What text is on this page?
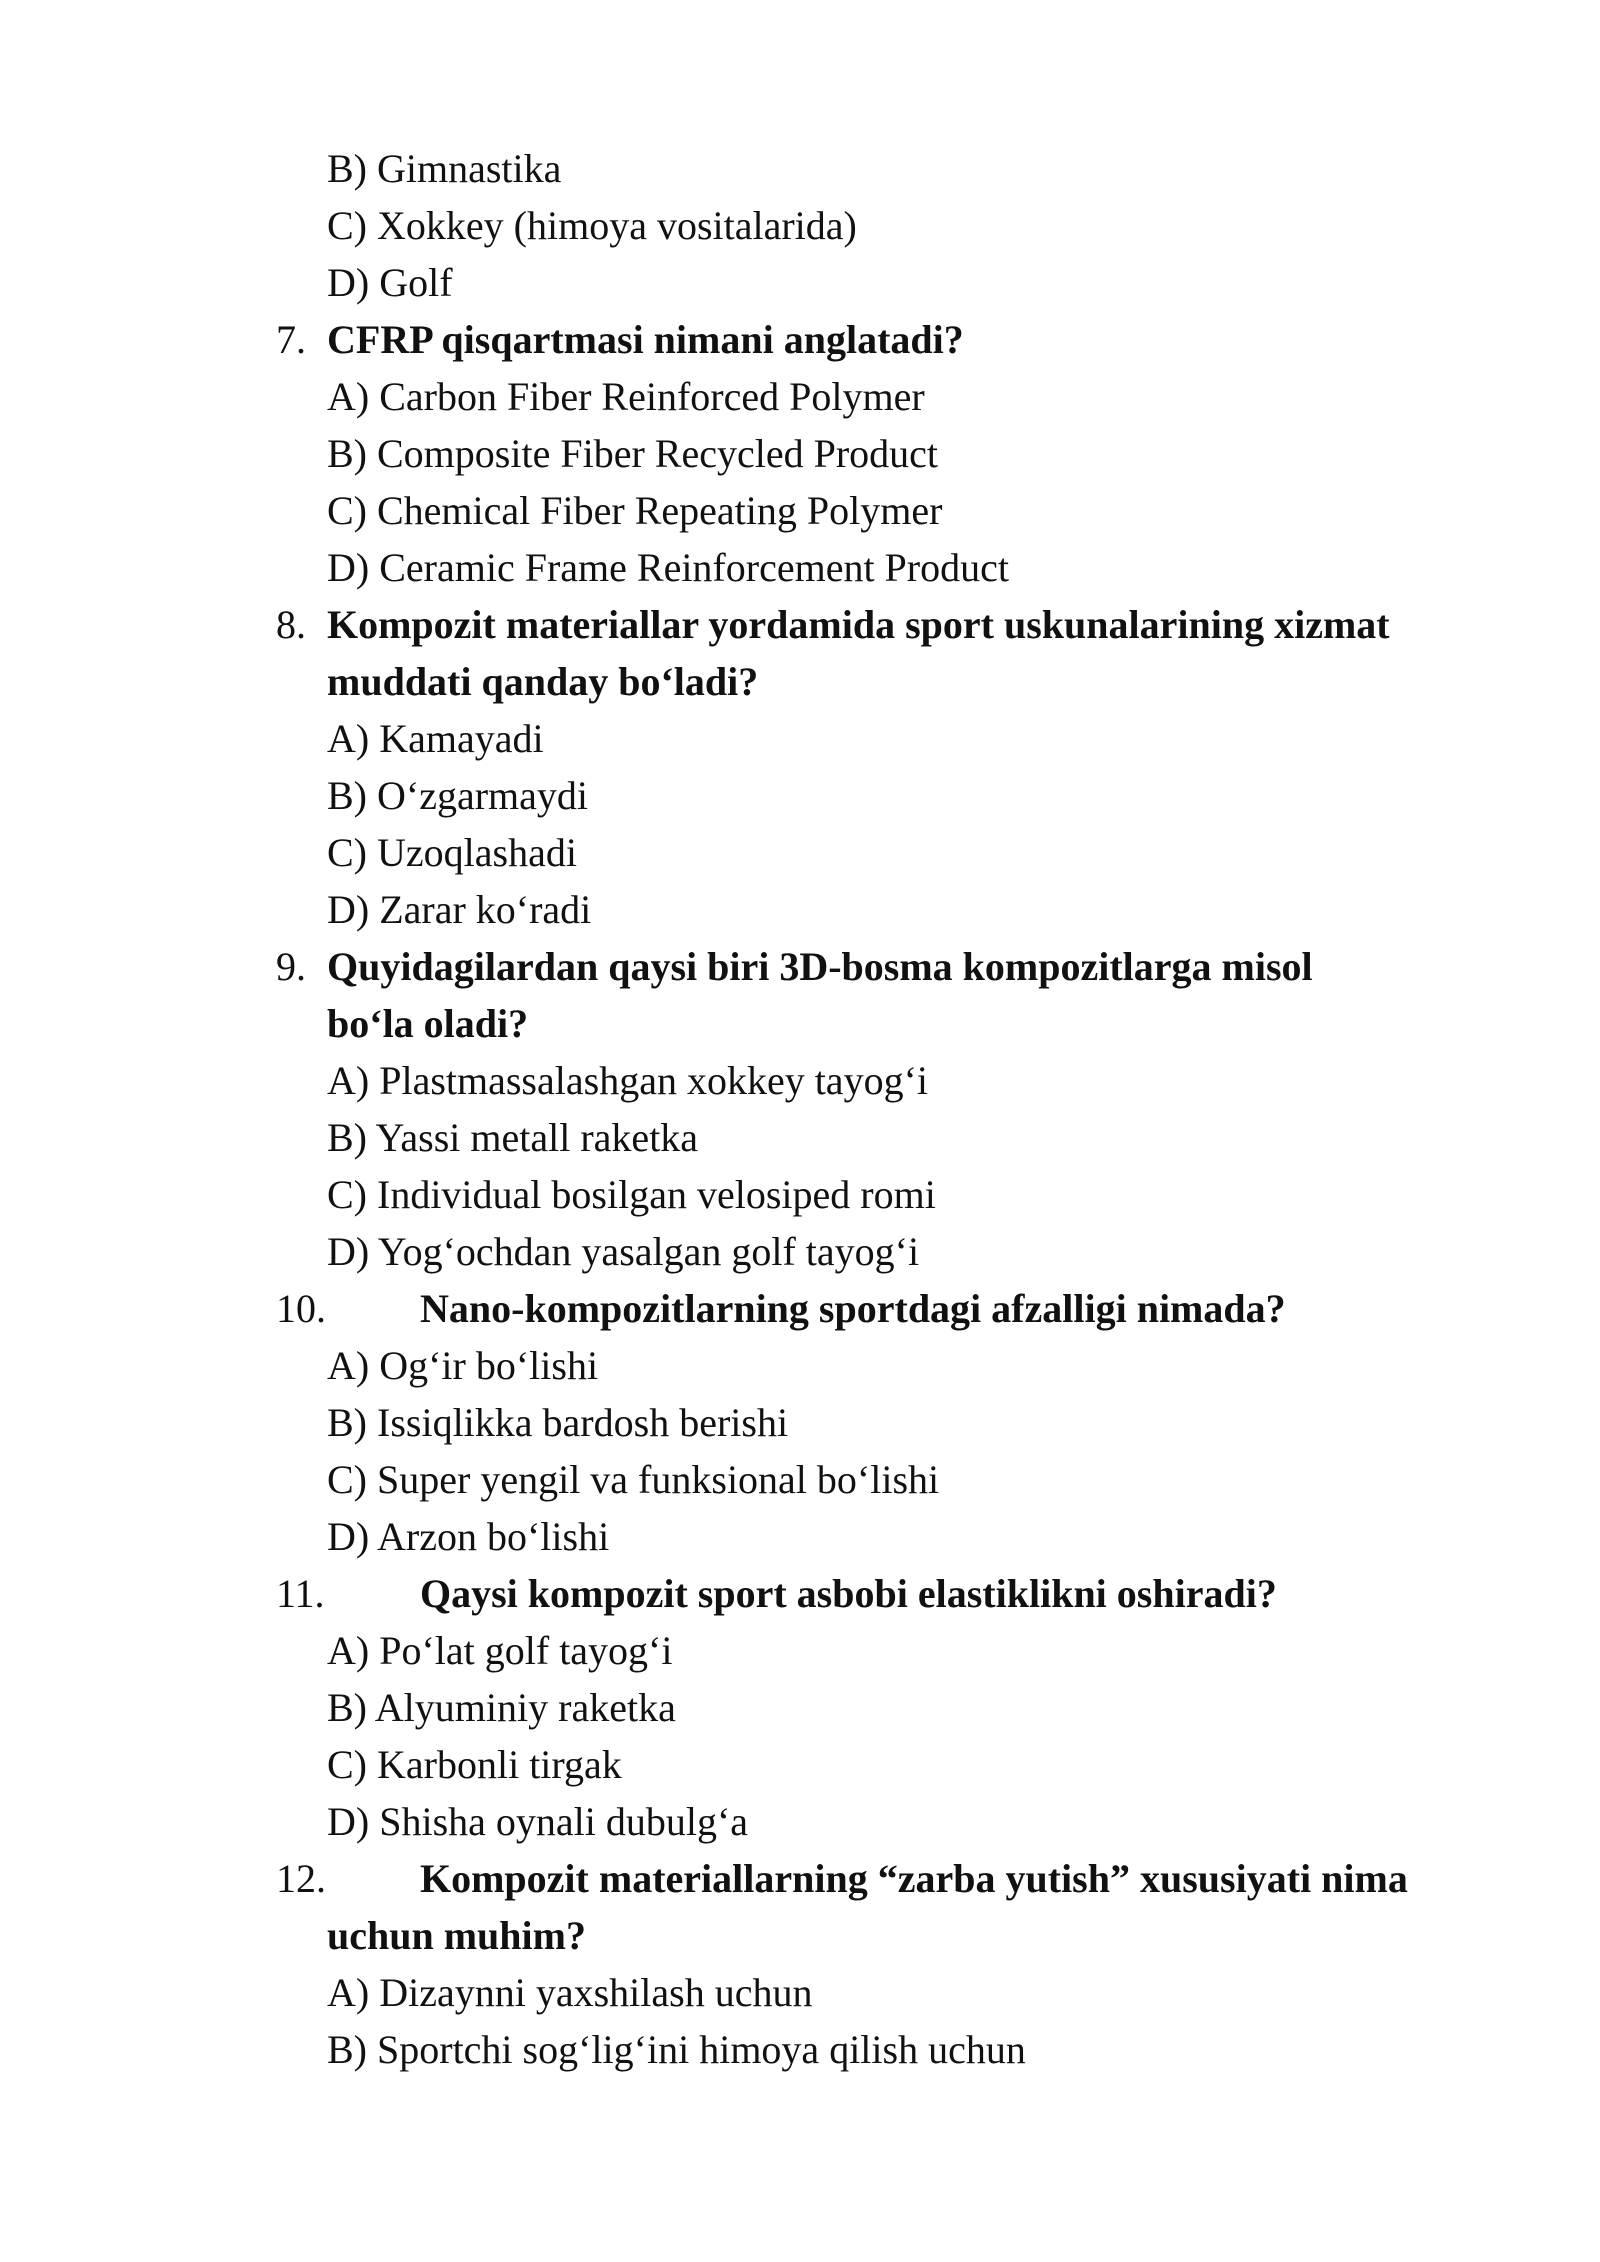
B) Gimnastika
C) Xokkey (himoya vositalarida)
D) Golf
7. CFRP qisqartmasi nimani anglatadi?
A) Carbon Fiber Reinforced Polymer
B) Composite Fiber Recycled Product
C) Chemical Fiber Repeating Polymer
D) Ceramic Frame Reinforcement Product
8. Kompozit materiallar yordamida sport uskunalarining xizmat
muddati qanday bo‘ladi?
A) Kamayadi
B) O‘zgarmaydi
C) Uzoqlashadi
D) Zarar ko‘radi
9. Quyidagilardan qaysi biri 3D-bosma kompozitlarga misol
bo‘la oladi?
A) Plastmassalashgan xokkey tayog‘i
B) Yassi metall raketka
C) Individual bosilgan velosiped romi
D) Yog‘ochdan yasalgan golf tayog‘i
10. Nano-kompozitlarning sportdagi afzalligi nimada?
A) Og‘ir bo‘lishi
B) Issiqlikka bardosh berishi
C) Super yengil va funksional bo‘lishi
D) Arzon bo‘lishi
11. Qaysi kompozit sport asbobi elastiklikni oshiradi?
A) Po‘lat golf tayog‘i
B) Alyuminiy raketka
C) Karbonli tirgak
D) Shisha oynali dubulg‘a
12. Kompozit materiallarning “zarba yutish” xususiyati nima
uchun muhim?
A) Dizaynni yaxshilash uchun
B) Sportchi sog‘lig‘ini himoya qilish uchun
